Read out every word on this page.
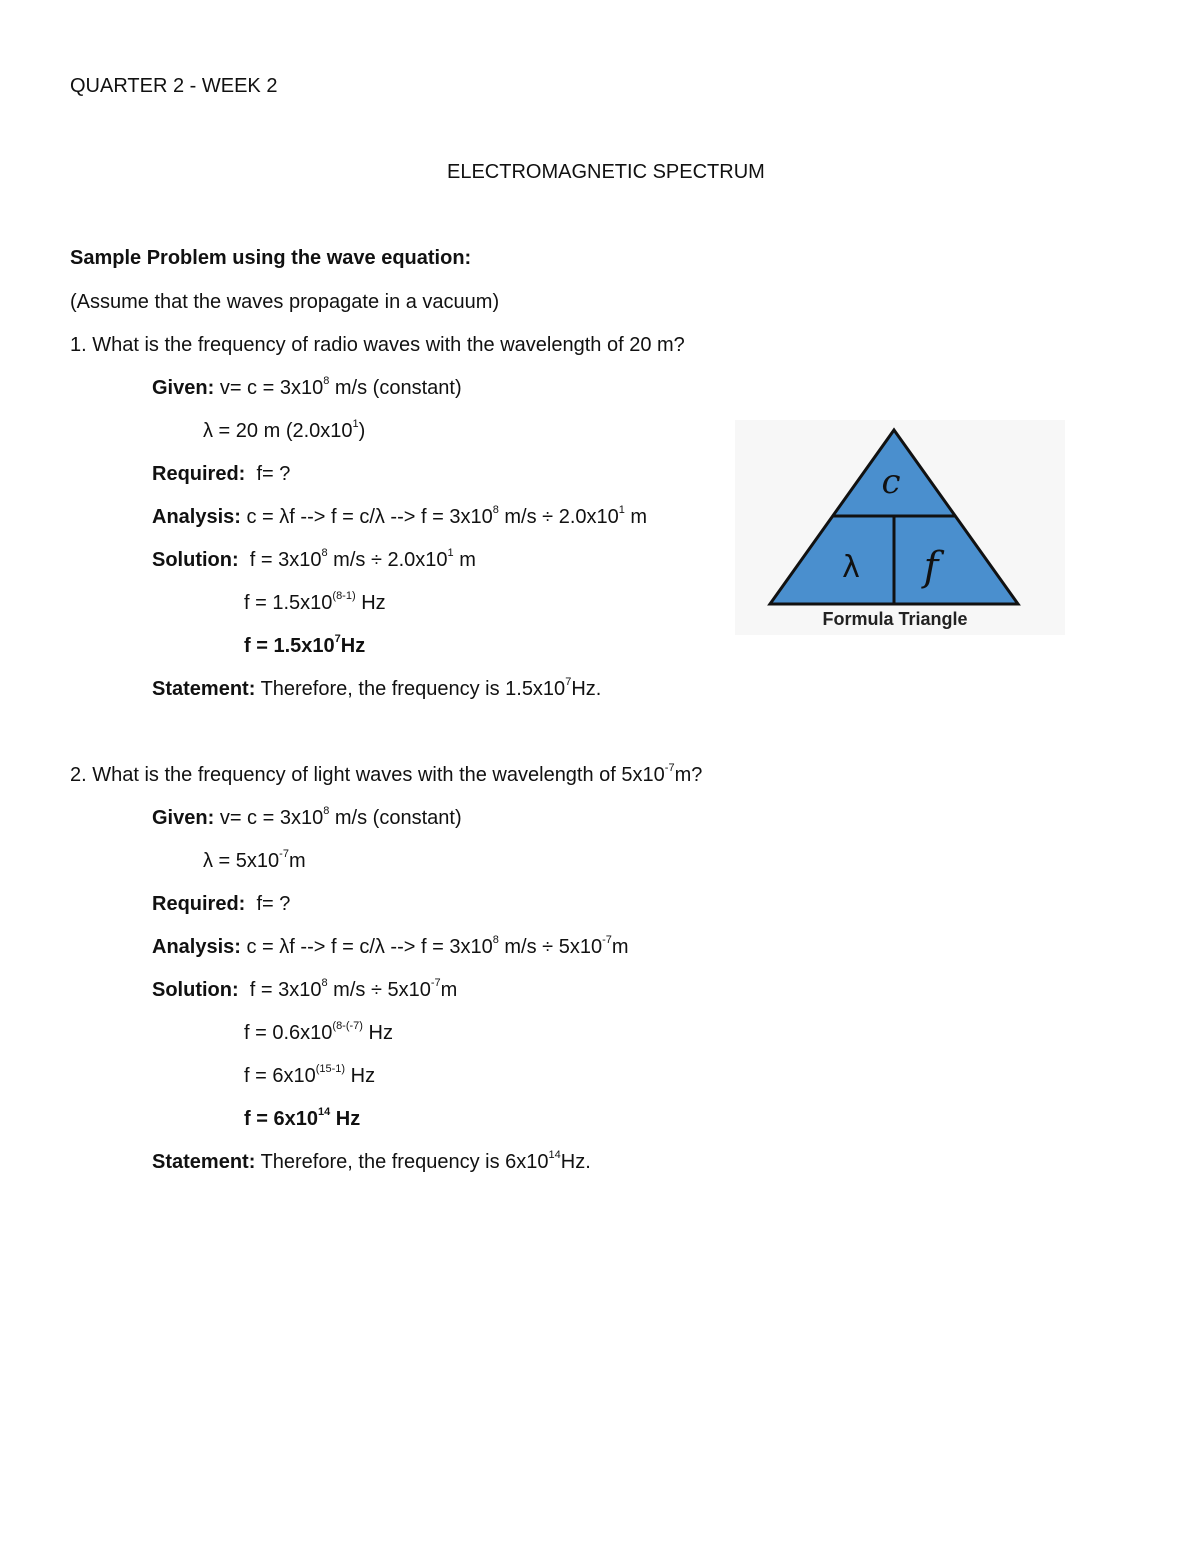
QUARTER 2 - WEEK 2
ELECTROMAGNETIC SPECTRUM
Sample Problem using the wave equation:
(Assume that the waves propagate in a vacuum)
1. What is the frequency of radio waves with the wavelength of 20 m?
Given: $v= c = 3x10^8$ m/s (constant)
λ = 20 m $(2.0x10^1)$
Required: f= ?
Analysis: c = λf --> f = c/λ --> $f = 3x10^8$ $m/s \div 2.0x10^1$ m
Solution: $f = 3x10^8$ $m/s \div 2.0x10^1$ m
$f = 1.5x10^{(8-1)}$ Hz
$f = 1.5x10^7Hz$
Statement: Therefore, the frequency is $1.5x10^7Hz$.
2. What is the frequency of light waves with the wavelength of $5x10^{-7}m$?
Given: $v= c = 3x10^8$ m/s (constant)
$\lambda = 5x10^{-7}m$
Required: f= ?
Analysis: c = λf --> f = c/λ --> $f = 3x10^8$ $m/s \div 5x10^{-7}m$
Solution: $f = 3x10^8$ $m/s \div 5x10^{-7}m$
$f = 0.6x10^{(8-(-7)}$ Hz
$f = 6x10^{(15-1)}$ Hz
$f = 6x10^{14}$ Hz
Statement: Therefore, the frequency is $6x10^{14}Hz$.
c
λ f
Formula Triangle
